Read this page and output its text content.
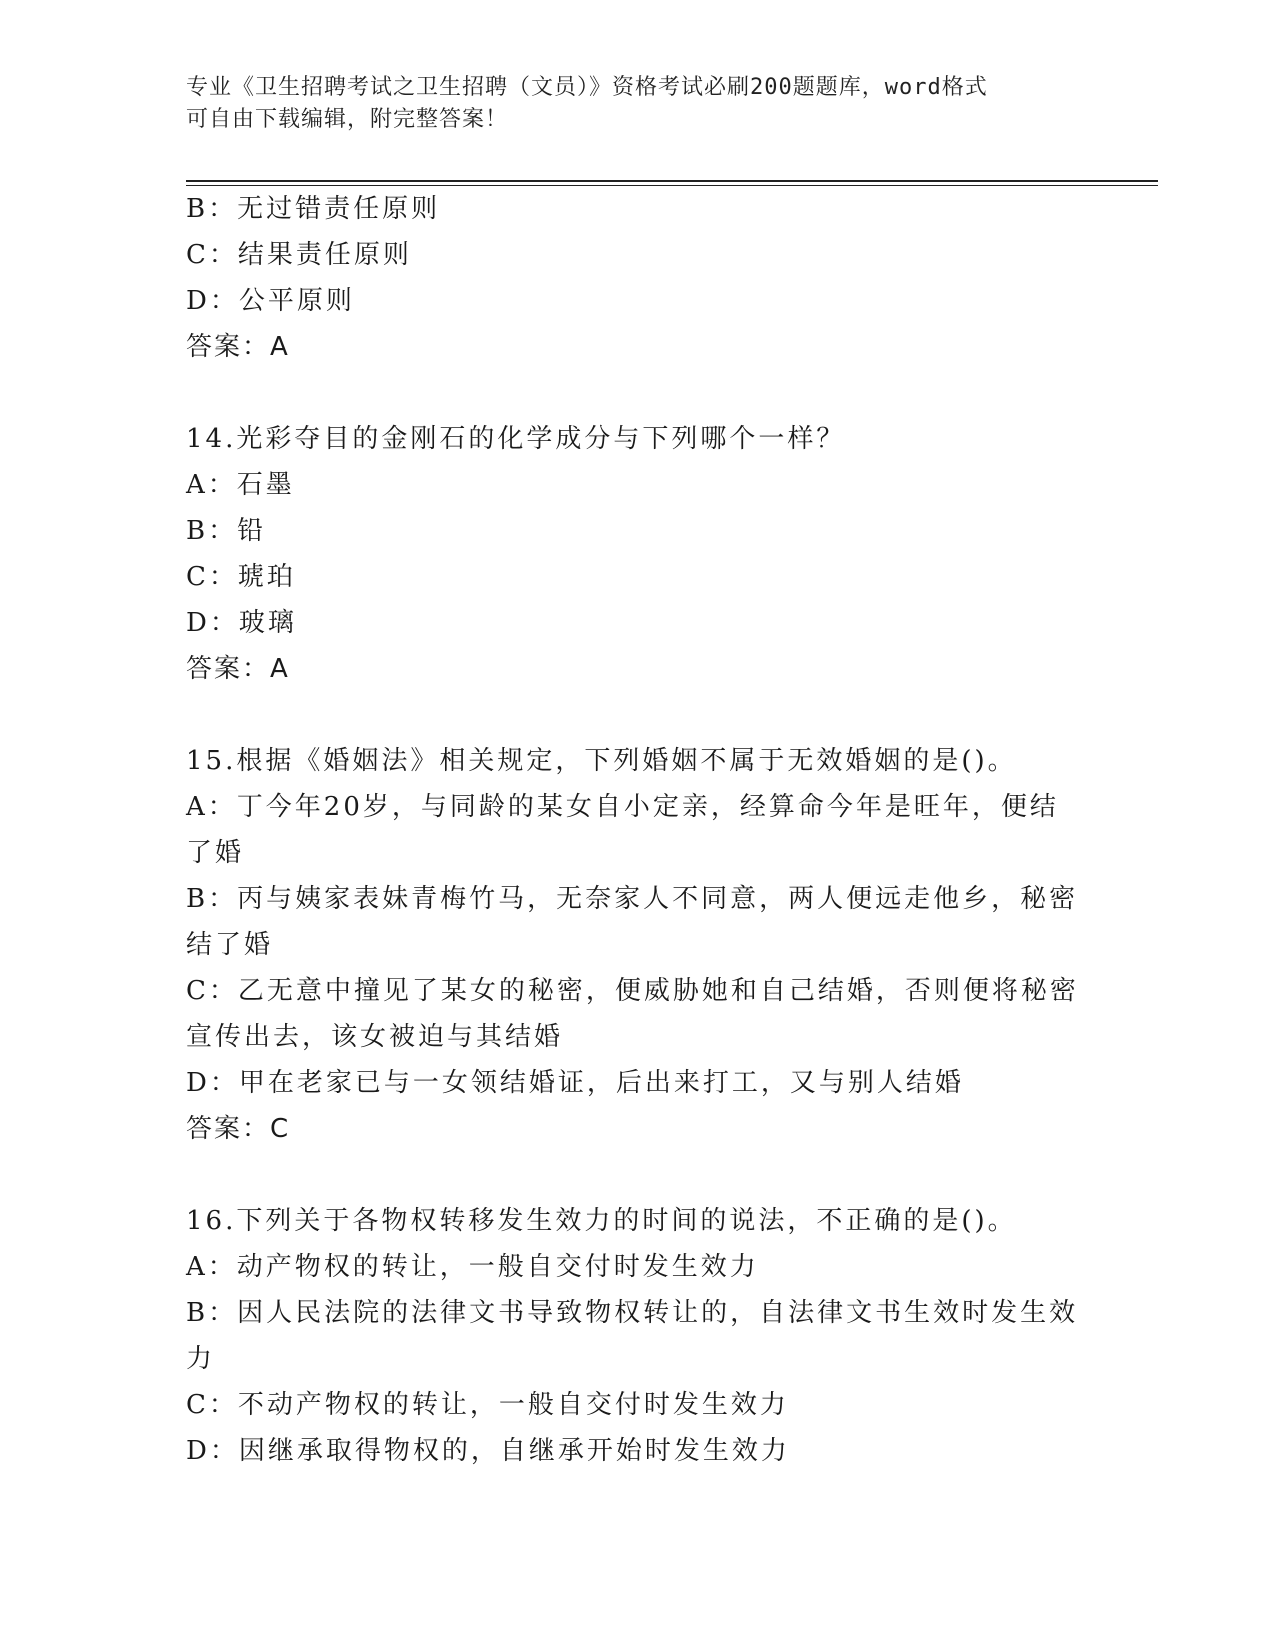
专业《卫生招聘考试之卫生招聘（文员）》资格考试必刷200题题库，word格式
可自由下载编辑，附完整答案！
B：无过错责任原则
C：结果责任原则
D：公平原则
答案：A
14.光彩夺目的金刚石的化学成分与下列哪个一样？
A：石墨
B：铅
C：琥珀
D：玻璃
答案：A
15.根据《婚姻法》相关规定，下列婚姻不属于无效婚姻的是()。
A：丁今年20岁，与同龄的某女自小定亲，经算命今年是旺年，便结了婚
B：丙与姨家表妹青梅竹马，无奈家人不同意，两人便远走他乡，秘密结了婚
C：乙无意中撞见了某女的秘密，便威胁她和自己结婚，否则便将秘密宣传出去，该女被迫与其结婚
D：甲在老家已与一女领结婚证，后出来打工，又与别人结婚
答案：C
16.下列关于各物权转移发生效力的时间的说法，不正确的是()。
A：动产物权的转让，一般自交付时发生效力
B：因人民法院的法律文书导致物权转让的，自法律文书生效时发生效力
C：不动产物权的转让，一般自交付时发生效力
D：因继承取得物权的，自继承开始时发生效力
